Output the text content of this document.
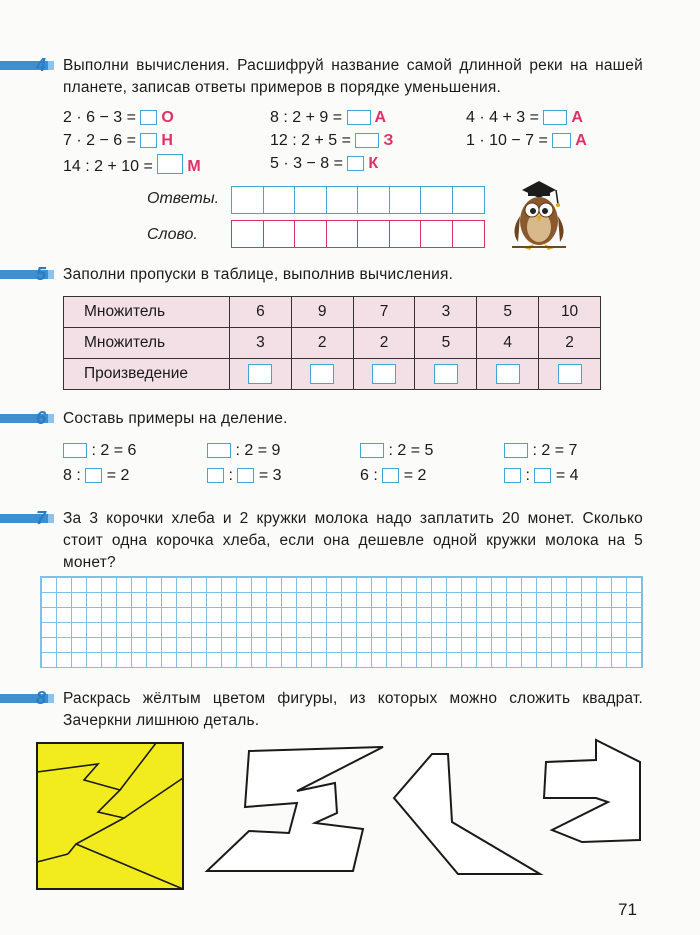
4 Выполни вычисления. Расшифруй название самой длинной реки на нашей планете, записав ответы примеров в порядке уменьшения.
2 · 6 − 3 = О
7 · 2 − 6 = Н
14 : 2 + 10 = М
8 : 2 + 9 = А
12 : 2 + 5 = З
5 · 3 − 8 = К
4 · 4 + 3 = А
1 · 10 − 7 = А
Ответы.
Слово.
5 Заполни пропуски в таблице, выполнив вычисления.
Множитель	6	9	7	3	5	10
Множитель	3	2	2	5	4	2
Произведение						
6 Составь примеры на деление.
: 2 = 6	: 2 = 9	: 2 = 5	: 2 = 7
8 : = 2	: = 3	6 : = 2	: = 4
7 За 3 корочки хлеба и 2 кружки молока надо заплатить 20 монет. Сколько стоит одна корочка хлеба, если она дешевле одной кружки молока на 5 монет?
8 Раскрась жёлтым цветом фигуры, из которых можно сложить квадрат. Зачеркни лишнюю деталь.
71
